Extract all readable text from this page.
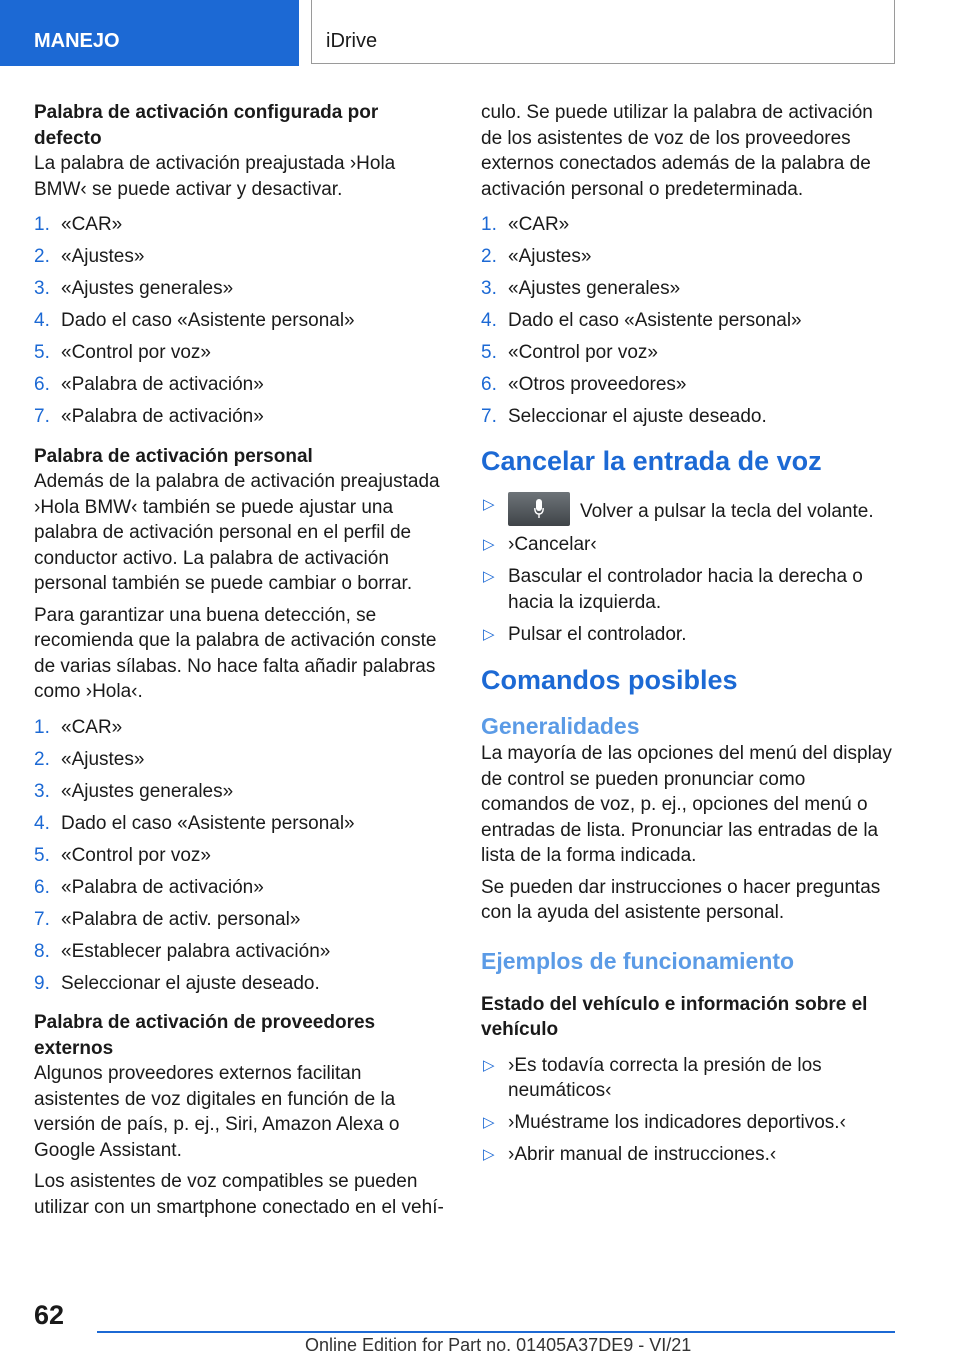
MANEJO	iDrive

Palabra de activación configurada por defecto

La palabra de activación preajustada ›Hola BMW‹ se puede activar y desactivar.

1. «CAR»
2. «Ajustes»
3. «Ajustes generales»
4. Dado el caso «Asistente personal»
5. «Control por voz»
6. «Palabra de activación»
7. «Palabra de activación»

Palabra de activación personal

Además de la palabra de activación preajustada ›Hola BMW‹ también se puede ajustar una palabra de activación personal en el perfil de conductor activo. La palabra de activación personal también se puede cambiar o borrar.

Para garantizar una buena detección, se recomienda que la palabra de activación conste de varias sílabas. No hace falta añadir palabras como ›Hola‹.

1. «CAR»
2. «Ajustes»
3. «Ajustes generales»
4. Dado el caso «Asistente personal»
5. «Control por voz»
6. «Palabra de activación»
7. «Palabra de activ. personal»
8. «Establecer palabra activación»
9. Seleccionar el ajuste deseado.

Palabra de activación de proveedores externos

Algunos proveedores externos facilitan asistentes de voz digitales en función de la versión de país, p. ej., Siri, Amazon Alexa o Google Assistant.

Los asistentes de voz compatibles se pueden utilizar con un smartphone conectado en el vehí-

culo. Se puede utilizar la palabra de activación de los asistentes de voz de los proveedores externos conectados además de la palabra de activación personal o predeterminada.

1. «CAR»
2. «Ajustes»
3. «Ajustes generales»
4. Dado el caso «Asistente personal»
5. «Control por voz»
6. «Otros proveedores»
7. Seleccionar el ajuste deseado.
Cancelar la entrada de voz
▷	Volver a pulsar la tecla del volante.
▷ ›Cancelar‹
▷ Bascular el controlador hacia la derecha o hacia la izquierda.
▷ Pulsar el controlador.
Comandos posibles
Generalidades

La mayoría de las opciones del menú del display de control se pueden pronunciar como comandos de voz, p. ej., opciones del menú o entradas de lista. Pronunciar las entradas de la lista de la forma indicada.

Se pueden dar instrucciones o hacer preguntas con la ayuda del asistente personal.

Ejemplos de funcionamiento

Estado del vehículo e información sobre el vehículo

▷ ›Es todavía correcta la presión de los neumáticos‹
▷ ›Muéstrame los indicadores deportivos.‹
▷ ›Abrir manual de instrucciones.‹
62
Online Edition for Part no. 01405A37DE9 - VI/21
